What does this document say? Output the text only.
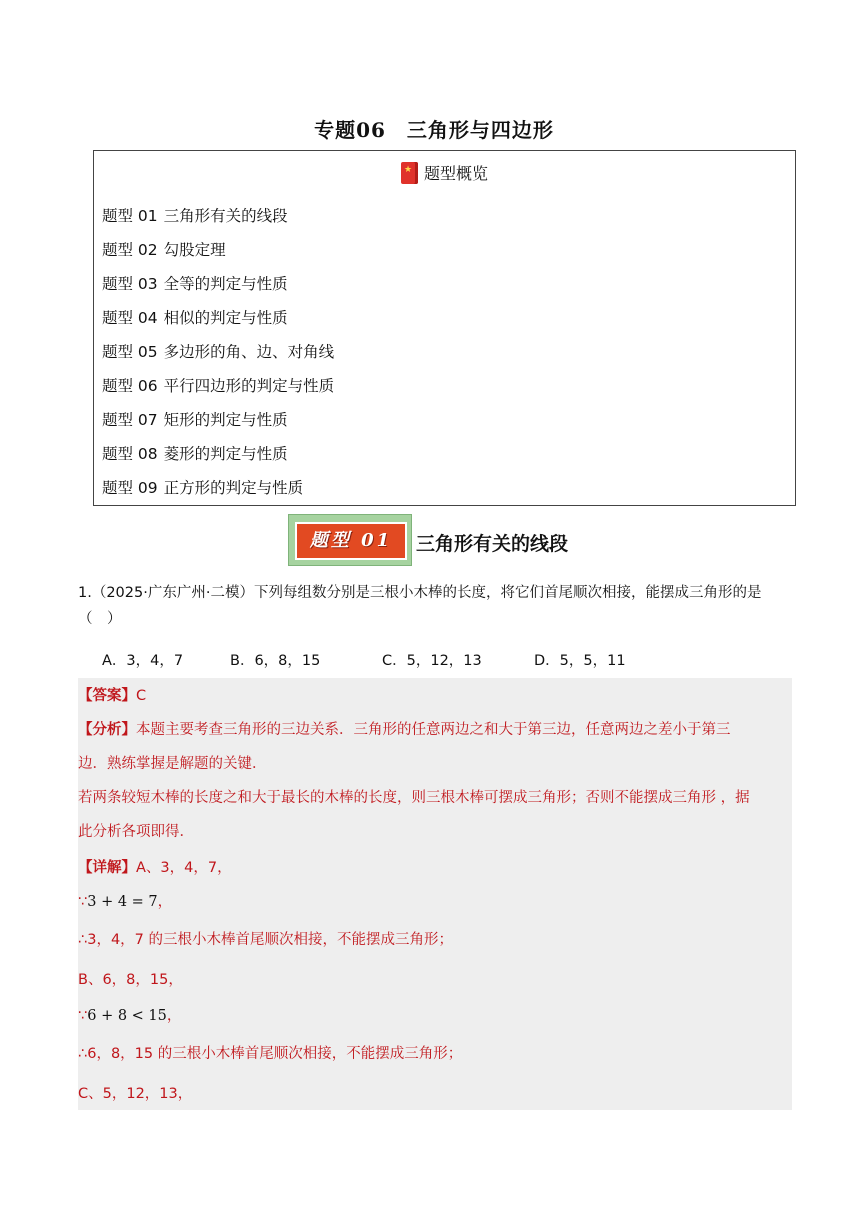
专题06　三角形与四边形
★题型概览
题型 01 三角形有关的线段
题型 02 勾股定理
题型 03 全等的判定与性质
题型 04 相似的判定与性质
题型 05 多边形的角、边、对角线
题型 06 平行四边形的判定与性质
题型 07 矩形的判定与性质
题型 08 菱形的判定与性质
题型 09 正方形的判定与性质
题型 01	三角形有关的线段
1.（2025·广东广州·二模）下列每组数分别是三根小木棒的长度，将它们首尾顺次相接，能摆成三角形的是
（　）
A．3，4，7	B．6，8，15	C．5，12，13	D．5，5，11
【答案】C
【分析】本题主要考查三角形的三边关系．三角形的任意两边之和大于第三边，任意两边之差小于第三
边．熟练掌握是解题的关键．
若两条较短木棒的长度之和大于最长的木棒的长度，则三根木棒可摆成三角形；否则不能摆成三角形 ，据
此分析各项即得．
【详解】A、3，4，7，
∵3 + 4 = 7，
∴3，4，7 的三根小木棒首尾顺次相接，不能摆成三角形；
B、6，8，15，
∵6 + 8 < 15，
∴6，8，15 的三根小木棒首尾顺次相接，不能摆成三角形；
C、5，12，13，
